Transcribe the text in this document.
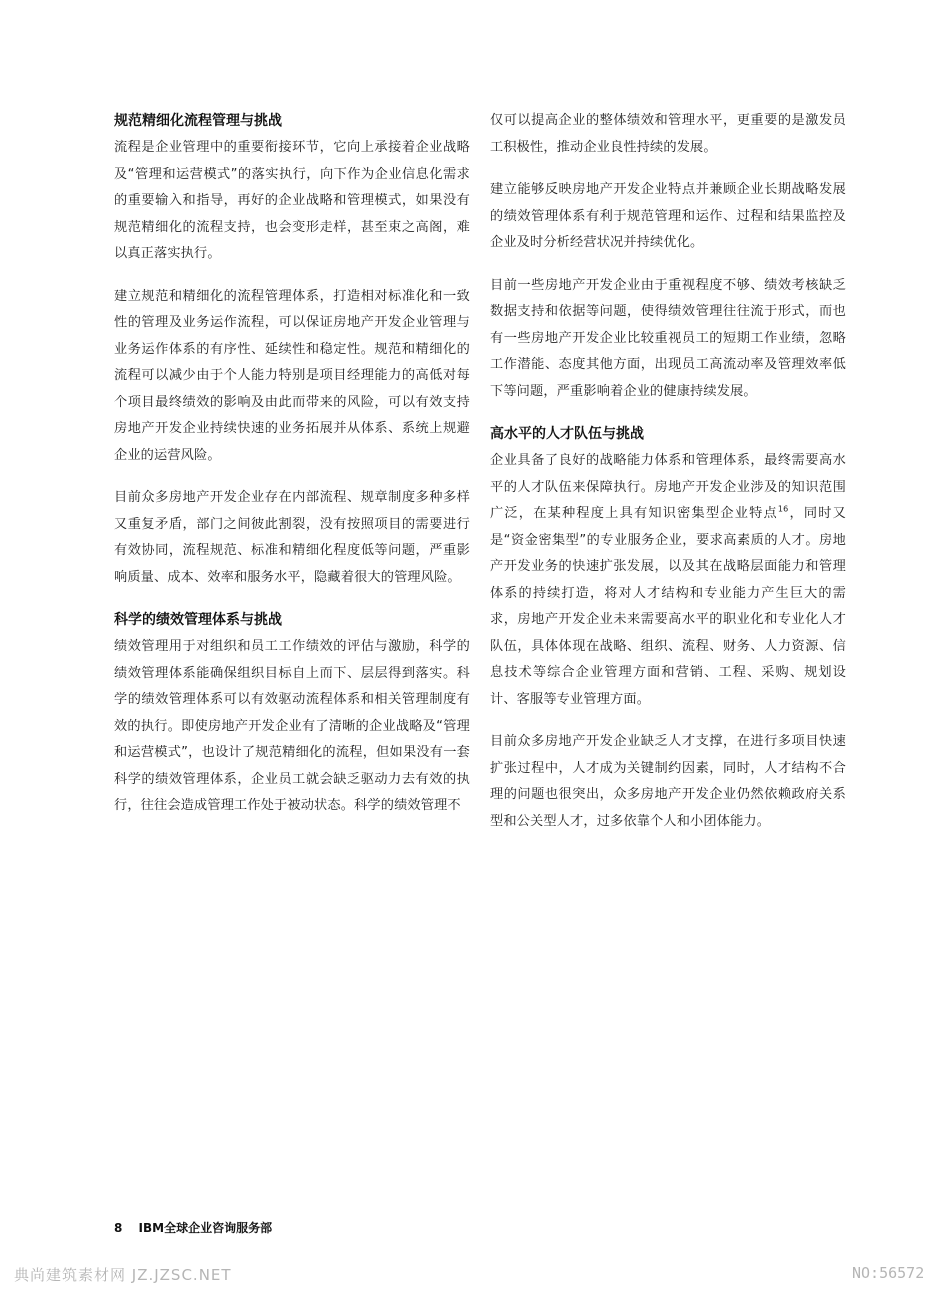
规范精细化流程管理与挑战

流程是企业管理中的重要衔接环节，它向上承接着企业战略及“管理和运营模式”的落实执行，向下作为企业信息化需求的重要输入和指导，再好的企业战略和管理模式，如果没有规范精细化的流程支持，也会变形走样，甚至束之高阁，难以真正落实执行。

建立规范和精细化的流程管理体系，打造相对标准化和一致性的管理及业务运作流程，可以保证房地产开发企业管理与业务运作体系的有序性、延续性和稳定性。规范和精细化的流程可以减少由于个人能力特别是项目经理能力的高低对每个项目最终绩效的影响及由此而带来的风险，可以有效支持房地产开发企业持续快速的业务拓展并从体系、系统上规避企业的运营风险。

目前众多房地产开发企业存在内部流程、规章制度多种多样又重复矛盾，部门之间彼此割裂，没有按照项目的需要进行有效协同，流程规范、标准和精细化程度低等问题，严重影响质量、成本、效率和服务水平，隐藏着很大的管理风险。

科学的绩效管理体系与挑战

绩效管理用于对组织和员工工作绩效的评估与激励，科学的绩效管理体系能确保组织目标自上而下、层层得到落实。科学的绩效管理体系可以有效驱动流程体系和相关管理制度有效的执行。即使房地产开发企业有了清晰的企业战略及“管理和运营模式”，也设计了规范精细化的流程，但如果没有一套科学的绩效管理体系，企业员工就会缺乏驱动力去有效的执行，往往会造成管理工作处于被动状态。科学的绩效管理不

仅可以提高企业的整体绩效和管理水平，更重要的是激发员工积极性，推动企业良性持续的发展。

建立能够反映房地产开发企业特点并兼顾企业长期战略发展的绩效管理体系有利于规范管理和运作、过程和结果监控及企业及时分析经营状况并持续优化。

目前一些房地产开发企业由于重视程度不够、绩效考核缺乏数据支持和依据等问题，使得绩效管理往往流于形式，而也有一些房地产开发企业比较重视员工的短期工作业绩，忽略工作潜能、态度其他方面，出现员工高流动率及管理效率低下等问题，严重影响着企业的健康持续发展。

高水平的人才队伍与挑战

企业具备了良好的战略能力体系和管理体系，最终需要高水平的人才队伍来保障执行。房地产开发企业涉及的知识范围广泛，在某种程度上具有知识密集型企业特点$^{16}$，同时又是“资金密集型”的专业服务企业，要求高素质的人才。房地产开发业务的快速扩张发展，以及其在战略层面能力和管理体系的持续打造，将对人才结构和专业能力产生巨大的需求，房地产开发企业未来需要高水平的职业化和专业化人才队伍，具体体现在战略、组织、流程、财务、人力资源、信息技术等综合企业管理方面和营销、工程、采购、规划设计、客服等专业管理方面。

目前众多房地产开发企业缺乏人才支撑，在进行多项目快速扩张过程中，人才成为关键制约因素，同时，人才结构不合理的问题也很突出，众多房地产开发企业仍然依赖政府关系型和公关型人才，过多依靠个人和小团体能力。

8 IBM全球企业咨询服务部
典尚建筑素材网 JZ.JZSC.NET	NO:56572
